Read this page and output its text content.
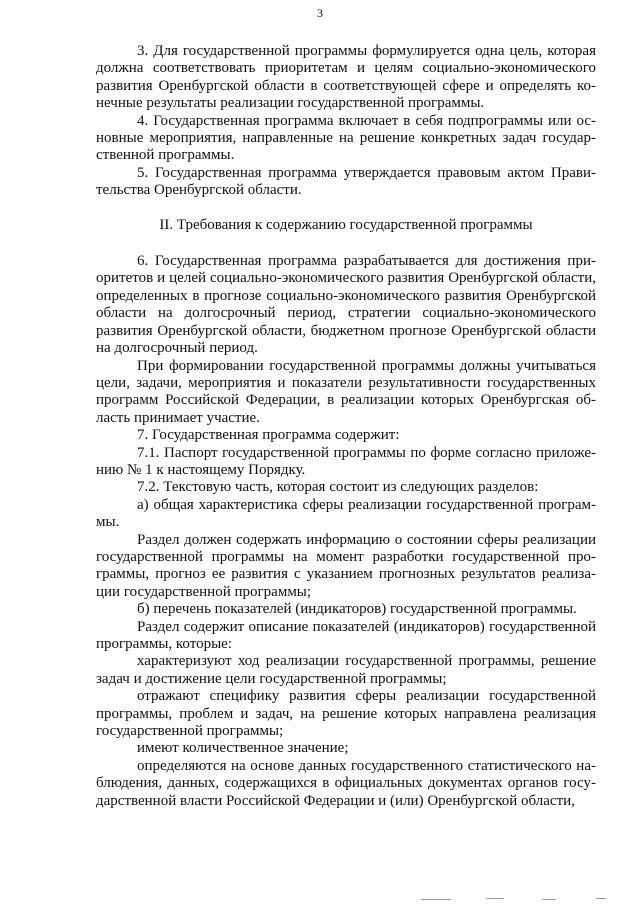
3

3. Для государственной программы формулируется одна цель, которая должна соответствовать приоритетам и целям социально-экономического развития Оренбургской области в соответствующей сфере и определять конечные результаты реализации государственной программы.

4. Государственная программа включает в себя подпрограммы или основные мероприятия, направленные на решение конкретных задач государственной программы.

5. Государственная программа утверждается правовым актом Правительства Оренбургской области.

II. Требования к содержанию государственной программы

6. Государственная программа разрабатывается для достижения приоритетов и целей социально-экономического развития Оренбургской области, определенных в прогнозе социально-экономического развития Оренбургской области на долгосрочный период, стратегии социально-экономического развития Оренбургской области, бюджетном прогнозе Оренбургской области на долгосрочный период.

При формировании государственной программы должны учитываться цели, задачи, мероприятия и показатели результативности государственных программ Российской Федерации, в реализации которых Оренбургская область принимает участие.

7. Государственная программа содержит:

7.1. Паспорт государственной программы по форме согласно приложению № 1 к настоящему Порядку.

7.2. Текстовую часть, которая состоит из следующих разделов:

а) общая характеристика сферы реализации государственной программы.

Раздел должен содержать информацию о состоянии сферы реализации государственной программы на момент разработки государственной программы, прогноз ее развития с указанием прогнозных результатов реализации государственной программы;

б) перечень показателей (индикаторов) государственной программы.

Раздел содержит описание показателей (индикаторов) государственной программы, которые:

характеризуют ход реализации государственной программы, решение задач и достижение цели государственной программы;

отражают специфику развития сферы реализации государственной программы, проблем и задач, на решение которых направлена реализация государственной программы;

имеют количественное значение;

определяются на основе данных государственного статистического наблюдения, данных, содержащихся в официальных документах органов государственной власти Российской Федерации и (или) Оренбургской области,
